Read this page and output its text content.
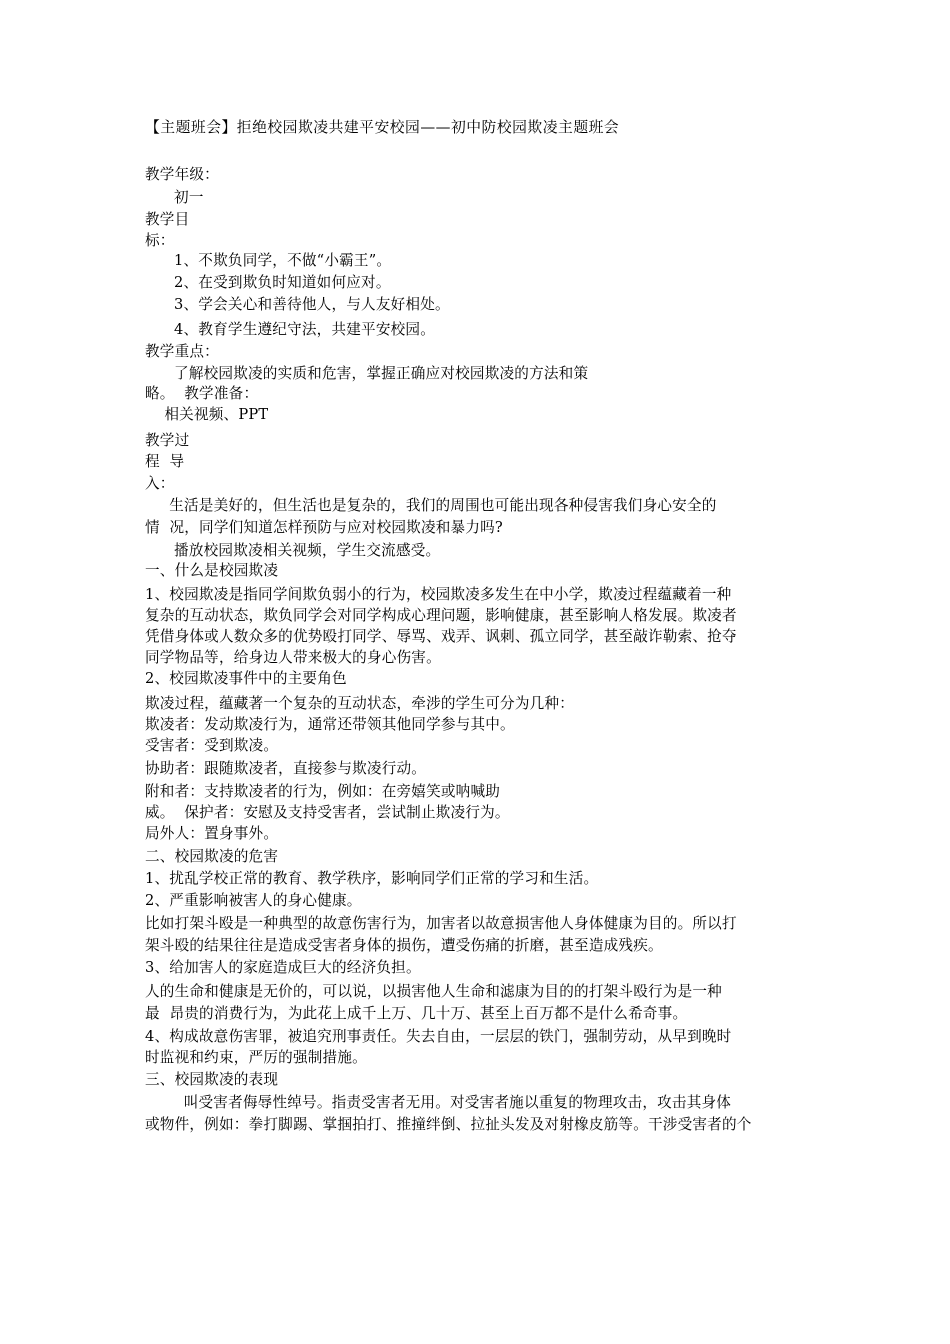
【主题班会】拒绝校园欺凌共建平安校园——初中防校园欺凌主题班会
教学年级：
初一
教学目
标：
1、不欺负同学，不做“小霸王”。
2、在受到欺负时知道如何应对。
3、学会关心和善待他人，与人友好相处。
4、教育学生遵纪守法，共建平安校园。
教学重点：
了解校园欺凌的实质和危害，掌握正确应对校园欺凌的方法和策
略。  教学准备：
相关视频、PPT
教学过
程  导
入：
生活是美好的，但生活也是复杂的，我们的周围也可能出现各种侵害我们身心安全的
情  况，同学们知道怎样预防与应对校园欺凌和暴力吗?
播放校园欺凌相关视频，学生交流感受。
一、什么是校园欺凌
1、校园欺凌是指同学间欺负弱小的行为，校园欺凌多发生在中小学，欺凌过程蕴藏着一种
复杂的互动状态，欺负同学会对同学构成心理问题，影响健康，甚至影响人格发展。欺凌者
凭借身体或人数众多的优势殴打同学、辱骂、戏弄、讽刺、孤立同学，甚至敲诈勒索、抢夺
同学物品等，给身边人带来极大的身心伤害。
2、校园欺凌事件中的主要角色
欺凌过程，蕴藏著一个复杂的互动状态，牵涉的学生可分为几种：
欺凌者：发动欺凌行为，通常还带领其他同学参与其中。
受害者：受到欺凌。
协助者：跟随欺凌者，直接参与欺凌行动。
附和者：支持欺凌者的行为，例如：在旁嬉笑或呐喊助
威。  保护者：安慰及支持受害者，尝试制止欺凌行为。
局外人：置身事外。
二、校园欺凌的危害
1、扰乱学校正常的教育、教学秩序，影响同学们正常的学习和生活。
2、严重影响被害人的身心健康。
比如打架斗殴是一种典型的故意伤害行为，加害者以故意损害他人身体健康为目的。所以打
架斗殴的结果往往是造成受害者身体的损伤，遭受伤痛的折磨，甚至造成残疾。
3、给加害人的家庭造成巨大的经济负担。
人的生命和健康是无价的，可以说，以损害他人生命和滤康为目的的打架斗殴行为是一种
最  昂贵的消费行为，为此花上成千上万、几十万、甚至上百万都不是什么希奇事。
4、构成故意伤害罪，被追究刑事责任。失去自由，一层层的铁门，强制劳动，从早到晚时
时监视和约束，严厉的强制措施。
三、校园欺凌的表现
叫受害者侮辱性绰号。指责受害者无用。对受害者施以重复的物理攻击，攻击其身体
或物件，例如：拳打脚踢、掌掴拍打、推撞绊倒、拉扯头发及对射橡皮筋等。干涉受害者的个
